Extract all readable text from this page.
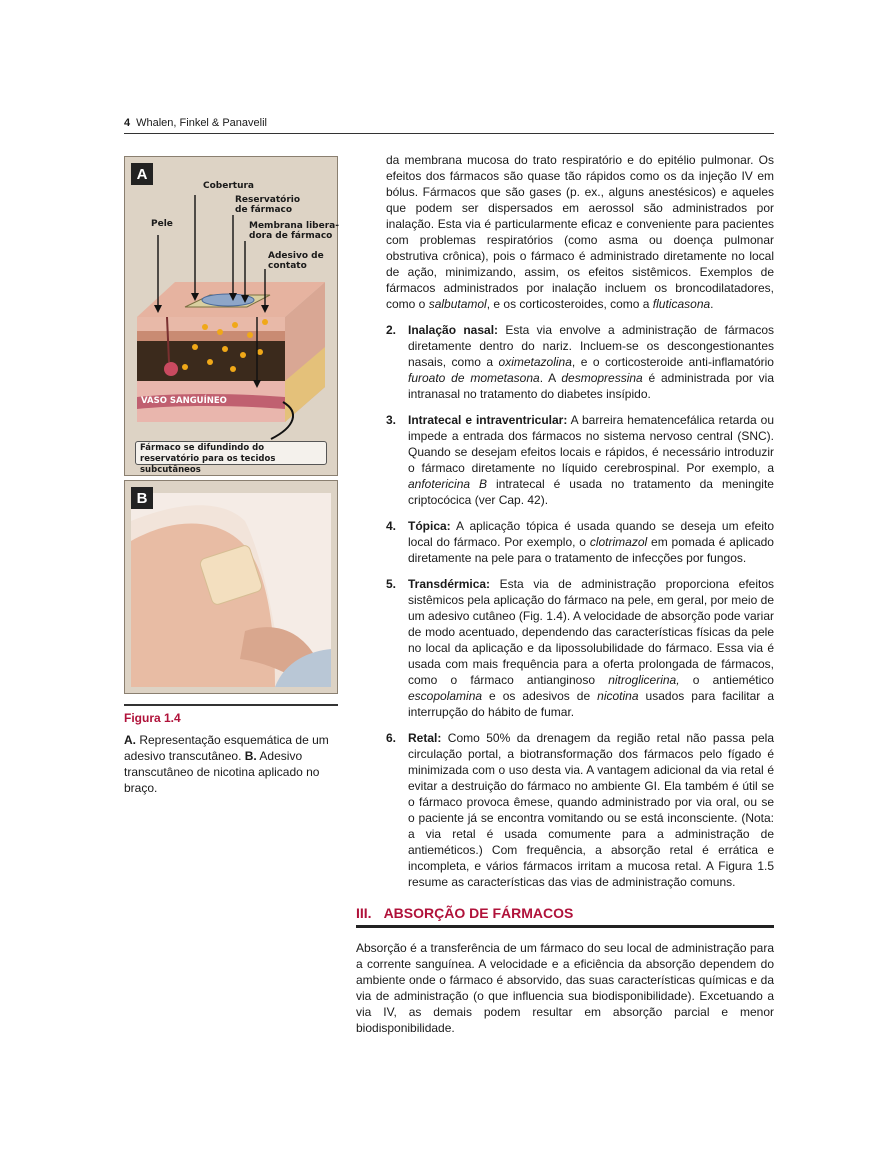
4 Whalen, Finkel & Panavelil
A
Cobertura
Reservatório de fármaco
Pele	Membrana libera-dora de fármaco
Adesivo de contato
VASO SANGUÍNEO
Fármaco se difundindo do reservatório para os tecidos subcutâneos
B
Figura 1.4
A. Representação esquemática de um adesivo transcutâneo. B. Adesivo transcutâneo de nicotina aplicado no braço.

da membrana mucosa do trato respiratório e do epitélio pulmonar. Os efeitos dos fármacos são quase tão rápidos como os da injeção IV em bólus. Fármacos que são gases (p. ex., alguns anestésicos) e aqueles que podem ser dispersados em aerossol são administrados por inalação. Esta via é particularmente eficaz e conveniente para pacientes com problemas respiratórios (como asma ou doença pulmonar obstrutiva crônica), pois o fármaco é administrado diretamente no local de ação, minimizando, assim, os efeitos sistêmicos. Exemplos de fármacos administrados por inalação incluem os broncodilatadores, como o salbutamol, e os corticosteroides, como a fluticasona.

2. Inalação nasal: Esta via envolve a administração de fármacos diretamente dentro do nariz. Incluem-se os descongestionantes nasais, como a oximetazolina, e o corticosteroide anti-inflamatório furoato de mometasona. A desmopressina é administrada por via intranasal no tratamento do diabetes insípido.
3. Intratecal e intraventricular: A barreira hematencefálica retarda ou impede a entrada dos fármacos no sistema nervoso central (SNC). Quando se desejam efeitos locais e rápidos, é necessário introduzir o fármaco diretamente no líquido cerebrospinal. Por exemplo, a anfotericina B intratecal é usada no tratamento da meningite criptocócica (ver Cap. 42).
4. Tópica: A aplicação tópica é usada quando se deseja um efeito local do fármaco. Por exemplo, o clotrimazol em pomada é aplicado diretamente na pele para o tratamento de infecções por fungos.
5. Transdérmica: Esta via de administração proporciona efeitos sistêmicos pela aplicação do fármaco na pele, em geral, por meio de um adesivo cutâneo (Fig. 1.4). A velocidade de absorção pode variar de modo acentuado, dependendo das características físicas da pele no local da aplicação e da lipossolubilidade do fármaco. Essa via é usada com mais frequência para a oferta prolongada de fármacos, como o fármaco antianginoso nitroglicerina, o antiemético escopolamina e os adesivos de nicotina usados para facilitar a interrupção do hábito de fumar.
6. Retal: Como 50% da drenagem da região retal não passa pela circulação portal, a biotransformação dos fármacos pelo fígado é minimizada com o uso desta via. A vantagem adicional da via retal é evitar a destruição do fármaco no ambiente GI. Ela também é útil se o fármaco provoca êmese, quando administrado por via oral, ou se o paciente já se encontra vomitando ou se está inconsciente. (Nota: a via retal é usada comumente para a administração de antieméticos.) Com frequência, a absorção retal é errática e incompleta, e vários fármacos irritam a mucosa retal. A Figura 1.5 resume as características das vias de administração comuns.
III. ABSORÇÃO DE FÁRMACOS

Absorção é a transferência de um fármaco do seu local de administração para a corrente sanguínea. A velocidade e a eficiência da absorção dependem do ambiente onde o fármaco é absorvido, das suas características químicas e da via de administração (o que influencia sua biodisponibilidade). Excetuando a via IV, as demais podem resultar em absorção parcial e menor biodisponibilidade.
